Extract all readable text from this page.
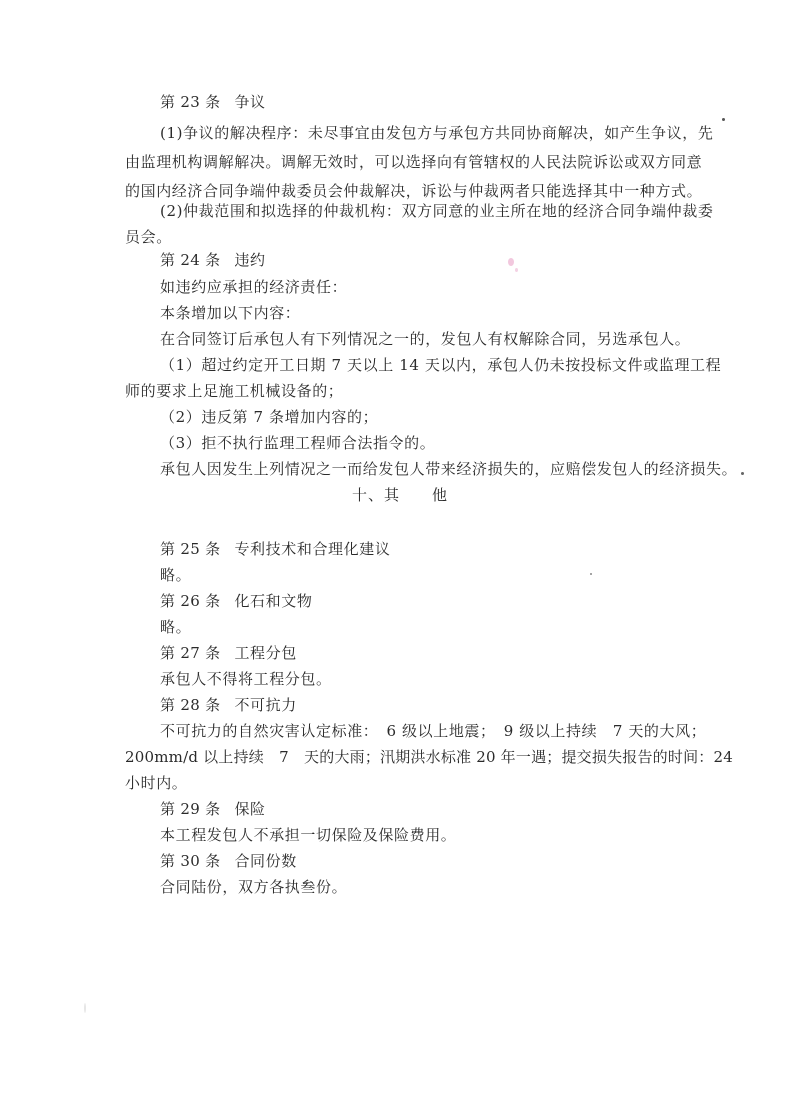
第 23 条 争议
(1)争议的解决程序：未尽事宜由发包方与承包方共同协商解决，如产生争议，先
由监理机构调解解决。调解无效时，可以选择向有管辖权的人民法院诉讼或双方同意
的国内经济合同争端仲裁委员会仲裁解决，诉讼与仲裁两者只能选择其中一种方式。
(2)仲裁范围和拟选择的仲裁机构：双方同意的业主所在地的经济合同争端仲裁委
员会。
第 24 条 违约
如违约应承担的经济责任：
本条增加以下内容：
在合同签订后承包人有下列情况之一的，发包人有权解除合同，另选承包人。
（1）超过约定开工日期 7 天以上 14 天以内，承包人仍未按投标文件或监理工程
师的要求上足施工机械设备的；
（2）违反第 7 条增加内容的；
（3）拒不执行监理工程师合法指令的。
承包人因发生上列情况之一而给发包人带来经济损失的，应赔偿发包人的经济损失。
十、其　　他
第 25 条 专利技术和合理化建议
略。
第 26 条 化石和文物
略。
第 27 条 工程分包
承包人不得将工程分包。
第 28 条 不可抗力
不可抗力的自然灾害认定标准：　6 级以上地震；　9 级以上持续　7 天的大风；
200mm/d 以上持续　7　天的大雨；汛期洪水标准 20 年一遇；提交损失报告的时间：24
小时内。
第 29 条 保险
本工程发包人不承担一切保险及保险费用。
第 30 条 合同份数
合同陆份，双方各执叁份。
